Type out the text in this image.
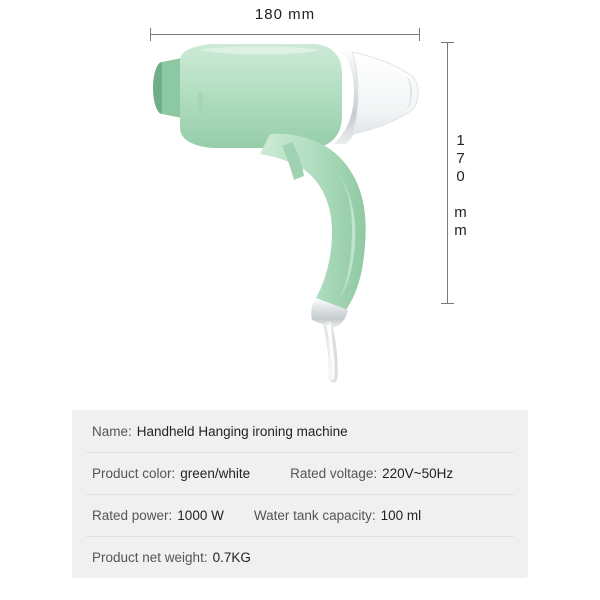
180 mm
170 mm
Name: Handheld Hanging ironing machine
Product color: green/white	Rated voltage: 220V~50Hz
Rated power: 1000 W Water tank capacity: 100 ml
Product net weight: 0.7KG
